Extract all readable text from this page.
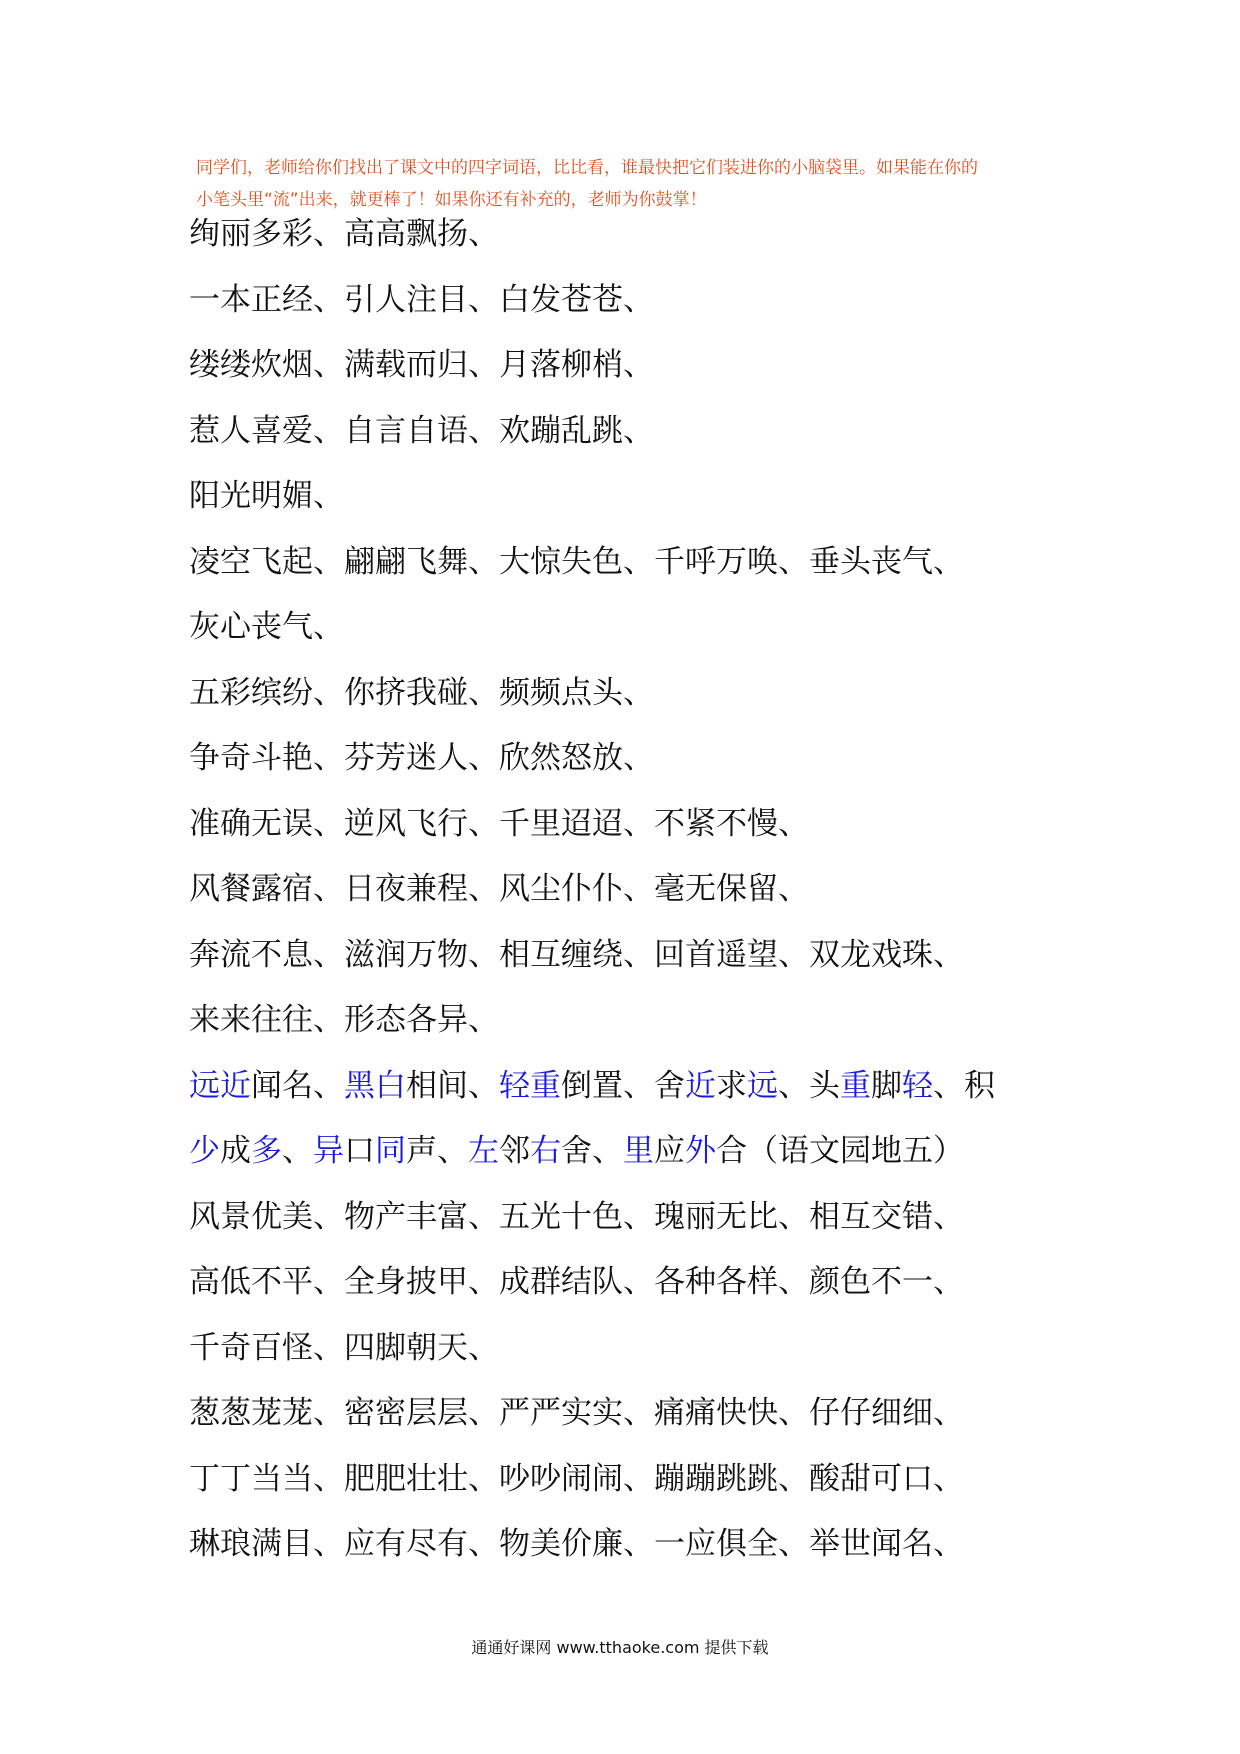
同学们，老师给你们找出了课文中的四字词语，比比看，谁最快把它们装进你的小脑袋里。如果能在你的
小笔头里“流”出来，就更棒了！如果你还有补充的，老师为你鼓掌！
绚丽多彩、高高飘扬、
一本正经、引人注目、白发苍苍、
缕缕炊烟、满载而归、月落柳梢、
惹人喜爱、自言自语、欢蹦乱跳、
阳光明媚、
凌空飞起、翩翩飞舞、大惊失色、千呼万唤、垂头丧气、
灰心丧气、
五彩缤纷、你挤我碰、频频点头、
争奇斗艳、芬芳迷人、欣然怒放、
准确无误、逆风飞行、千里迢迢、不紧不慢、
风餐露宿、日夜兼程、风尘仆仆、毫无保留、
奔流不息、滋润万物、相互缠绕、回首遥望、双龙戏珠、
来来往往、形态各异、
远近闻名、黑白相间、轻重倒置、舍近求远、头重脚轻、积
少成多、异口同声、左邻右舍、里应外合（语文园地五）
风景优美、物产丰富、五光十色、瑰丽无比、相互交错、
高低不平、全身披甲、成群结队、各种各样、颜色不一、
千奇百怪、四脚朝天、
葱葱茏茏、密密层层、严严实实、痛痛快快、仔仔细细、
丁丁当当、肥肥壮壮、吵吵闹闹、蹦蹦跳跳、酸甜可口、
琳琅满目、应有尽有、物美价廉、一应俱全、举世闻名、
通通好课网 www.tthaoke.com 提供下载
